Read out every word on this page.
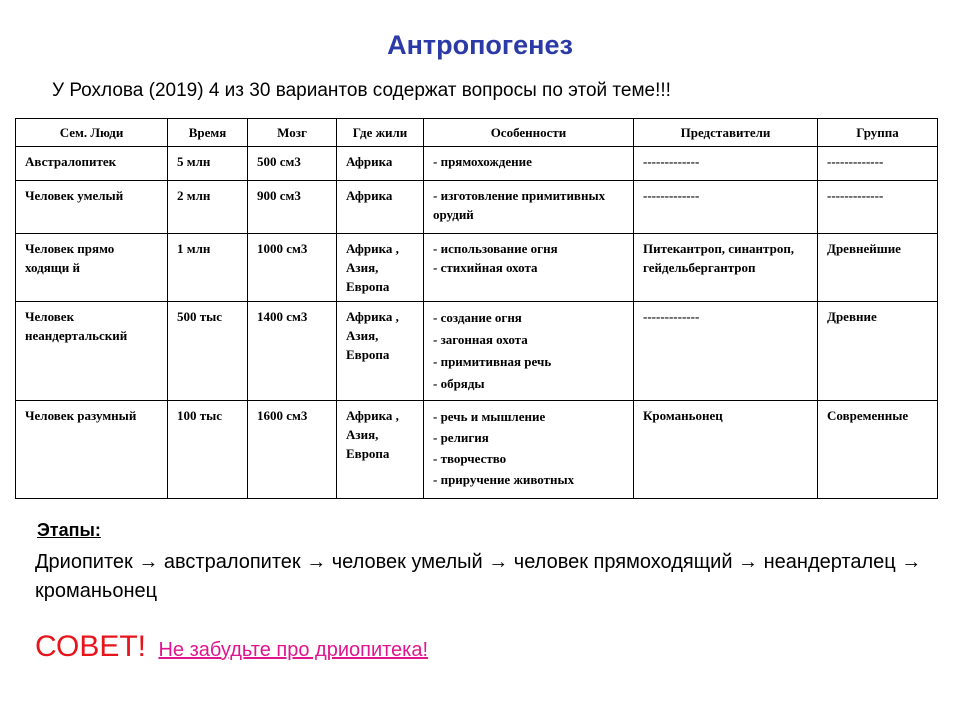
Антропогенез
У Рохлова (2019) 4 из 30 вариантов содержат вопросы по этой теме!!!
Сем. Люди	Время	Мозг	Где жили	Особенности	Представители	Группа
Австралопитек	5 млн	500 см3	Африка	- прямохождение	-------------	-------------
Человек умелый	2 млн	900 см3	Африка	- изготовление примитивных орудий	-------------	-------------

Человек прямоходящи й	1 млн	1000 см3	Африка , Азия, Европа	- использование огня
- стихийная охота	Питекантроп, синантроп, гейдельбергантроп	Древнейшие
Человек неандертальский	500 тыс	1400 см3	Африка , Азия, Европа	- создание огня
- загонная охота
- примитивная речь
- обряды	-------------	Древние
Человек разумный	100 тыс	1600 см3	Африка , Азия, Европа	- речь и мышление
- религия
- творчество
- приручение животных	Кроманьонец	Современные
Этапы:
Дриопитек → австралопитек → человек умелый → человек прямоходящий → неандерталец → кроманьонец
СОВЕТ! Не забудьте про дриопитека!
